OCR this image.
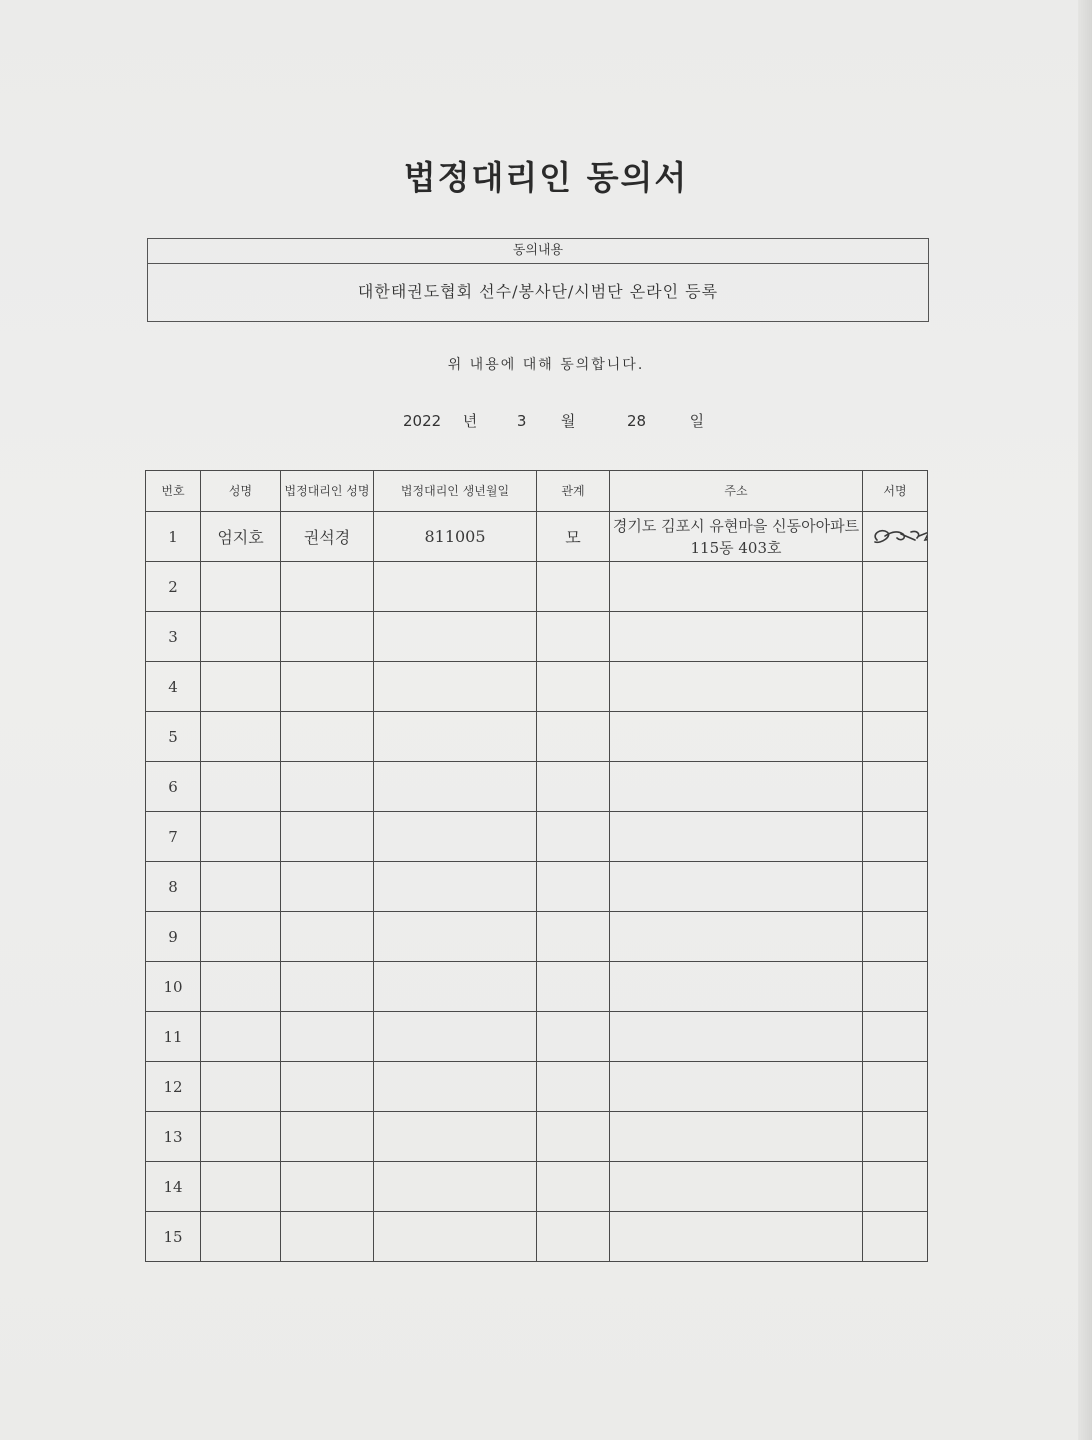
법정대리인 동의서
동의내용
대한태권도협회 선수/봉사단/시범단 온라인 등록
위 내용에 대해 동의합니다.
2022 년	3 월	28	일
번호	성명	법정대리인 성명	법정대리인 생년월일	관계	주소	서명
1	엄지호	권석경	811005	모	경기도 김포시 유현마을 신동아아파트 115동 403호	

2						
3						
4						
5						
6						
7						
8						
9						
10						
11						
12						
13						
14						
15						
